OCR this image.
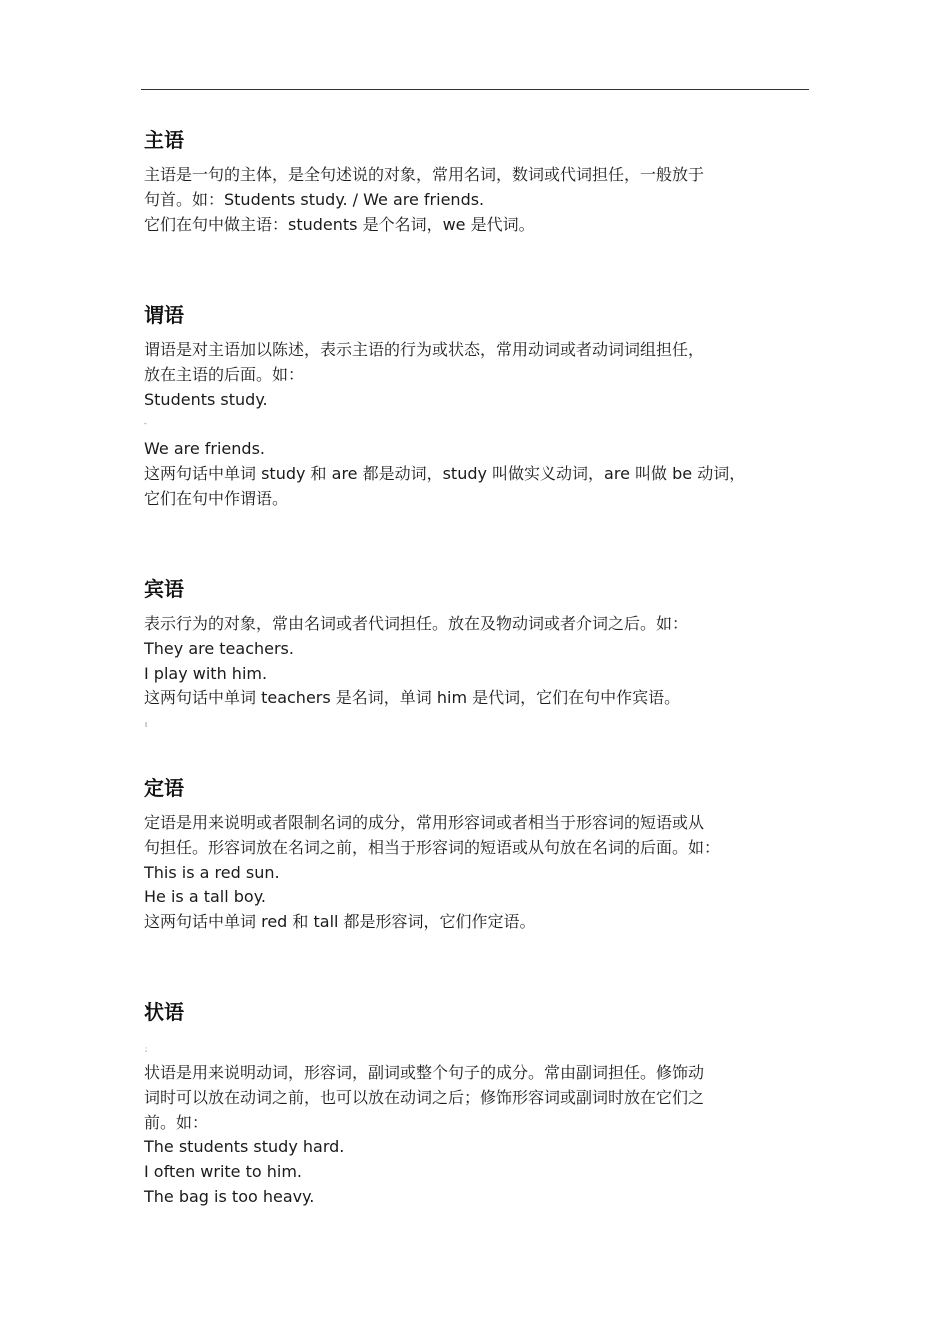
主语

主语是一句的主体，是全句述说的对象，常用名词，数词或代词担任，一般放于

句首。如：Students study. / We are friends.

它们在句中做主语：students 是个名词，we 是代词。

谓语

谓语是对主语加以陈述，表示主语的行为或状态，常用动词或者动词词组担任，

放在主语的后面。如：

Students study.

-

We are friends.

这两句话中单词 study 和 are 都是动词，study 叫做实义动词，are 叫做 be 动词，

它们在句中作谓语。

宾语

表示行为的对象，常由名词或者代词担任。放在及物动词或者介词之后。如：

They are teachers.

I play with him.

这两句话中单词 teachers 是名词，单词 him 是代词，它们在句中作宾语。

I
定语

定语是用来说明或者限制名词的成分，常用形容词或者相当于形容词的短语或从

句担任。形容词放在名词之前，相当于形容词的短语或从句放在名词的后面。如：

This is a red sun.

He is a tall boy.

这两句话中单词 red 和 tall 都是形容词，它们作定语。

状语
;

状语是用来说明动词，形容词，副词或整个句子的成分。常由副词担任。修饰动

词时可以放在动词之前，也可以放在动词之后；修饰形容词或副词时放在它们之

前。如：

The students study hard.

I often write to him.

The bag is too heavy.
